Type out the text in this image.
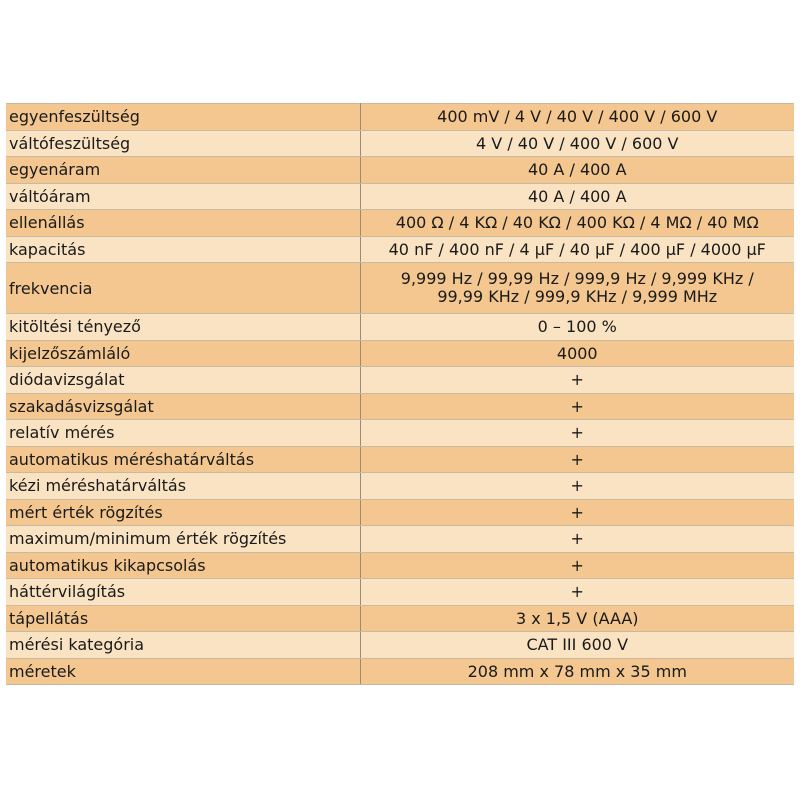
egyenfeszültség	400 mV / 4 V / 40 V / 400 V / 600 V
váltófeszültség	4 V / 40 V / 400 V / 600 V
egyenáram	40 A / 400 A
váltóáram	40 A / 400 A
ellenállás	400 Ω / 4 KΩ / 40 KΩ / 400 KΩ / 4 MΩ / 40 MΩ
kapacitás	40 nF / 400 nF / 4 µF / 40 µF / 400 µF / 4000 µF
frekvencia	9,999 Hz / 99,99 Hz / 999,9 Hz / 9,999 KHz /
99,99 KHz / 999,9 KHz / 9,999 MHz

kitöltési tényező	0 – 100 %
kijelzőszámláló	4000
diódavizsgálat	+
szakadásvizsgálat	+
relatív mérés	+
automatikus méréshatárváltás	+
kézi méréshatárváltás	+
mért érték rögzítés	+
maximum/minimum érték rögzítés	+
automatikus kikapcsolás	+
háttérvilágítás	+
tápellátás	3 x 1,5 V (AAA)
mérési kategória	CAT III 600 V
méretek	208 mm x 78 mm x 35 mm
